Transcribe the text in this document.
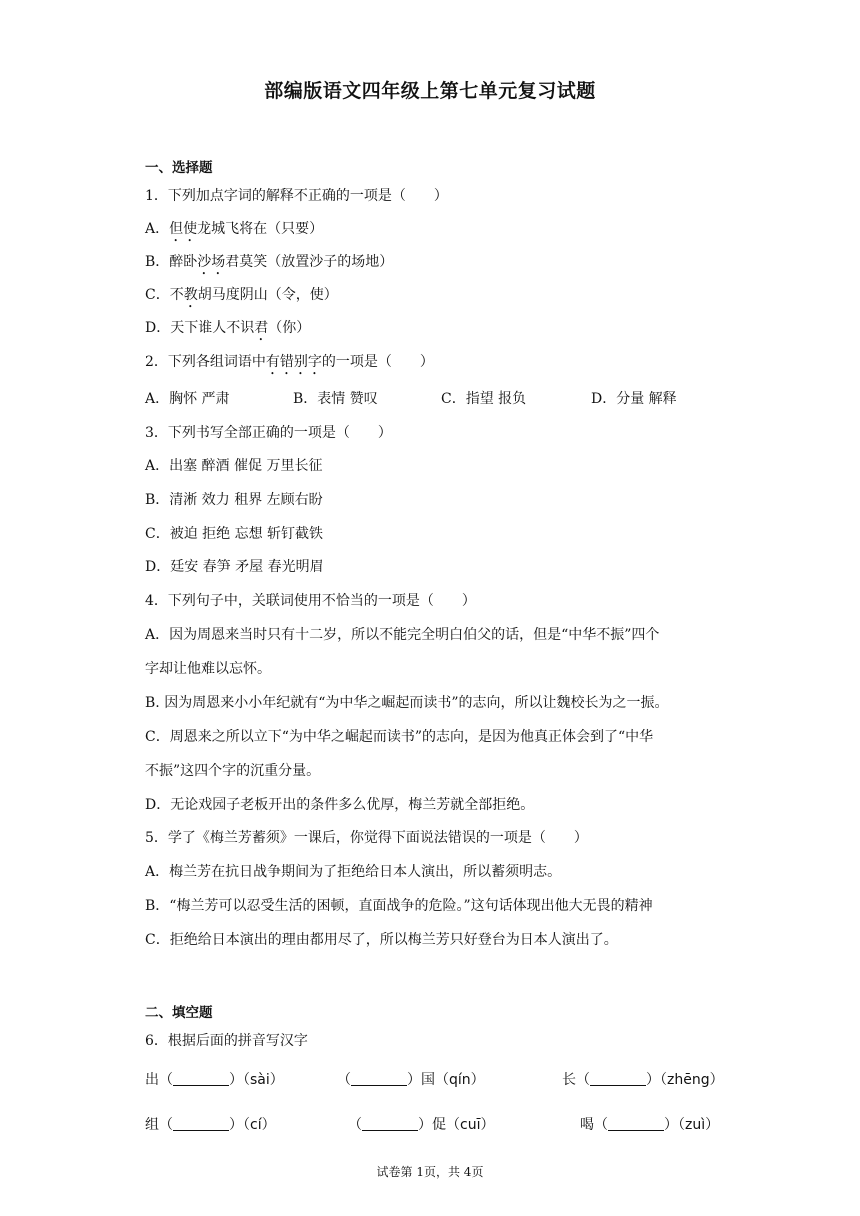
部编版语文四年级上第七单元复习试题
一、选择题
1．下列加点字词的解释不正确的一项是（　　）
A．但使龙城飞将在（只要）
B．醉卧沙场君莫笑（放置沙子的场地）
C．不教胡马度阴山（令，使）
D．天下谁人不识君（你）
2．下列各组词语中有错别字的一项是（　　）
A．胸怀 严肃	B．表情 赞叹	C．指望 报负	D．分量 解释
3．下列书写全部正确的一项是（　　）
A．出塞 醉酒 催促 万里长征
B．清淅 效力 租界 左顾右盼
C．被迫 拒绝 忘想 斩钉截铁
D．廷安 春笋 矛屋 春光明眉
4．下列句子中，关联词使用不恰当的一项是（　　）
A．因为周恩来当时只有十二岁，所以不能完全明白伯父的话，但是“中华不振”四个
字却让他难以忘怀。
B. 因为周恩来小小年纪就有“为中华之崛起而读书”的志向，所以让魏校长为之一振。
C．周恩来之所以立下“为中华之崛起而读书”的志向，是因为他真正体会到了“中华
不振”这四个字的沉重分量。
D．无论戏园子老板开出的条件多么优厚，梅兰芳就全部拒绝。
5．学了《梅兰芳蓄须》一课后，你觉得下面说法错误的一项是（　　）
A．梅兰芳在抗日战争期间为了拒绝给日本人演出，所以蓄须明志。
B．“梅兰芳可以忍受生活的困顿，直面战争的危险。”这句话体现出他大无畏的精神
C．拒绝给日本演出的理由都用尽了，所以梅兰芳只好登台为日本人演出了。
二、填空题
6．根据后面的拼音写汉字
出（	）（sài）	（	）国（qín）	长（	）（zhēng）
组（	）（cí）	（	）促（cuī）	喝（	）（zuì）
试卷第 1页，共 4页
